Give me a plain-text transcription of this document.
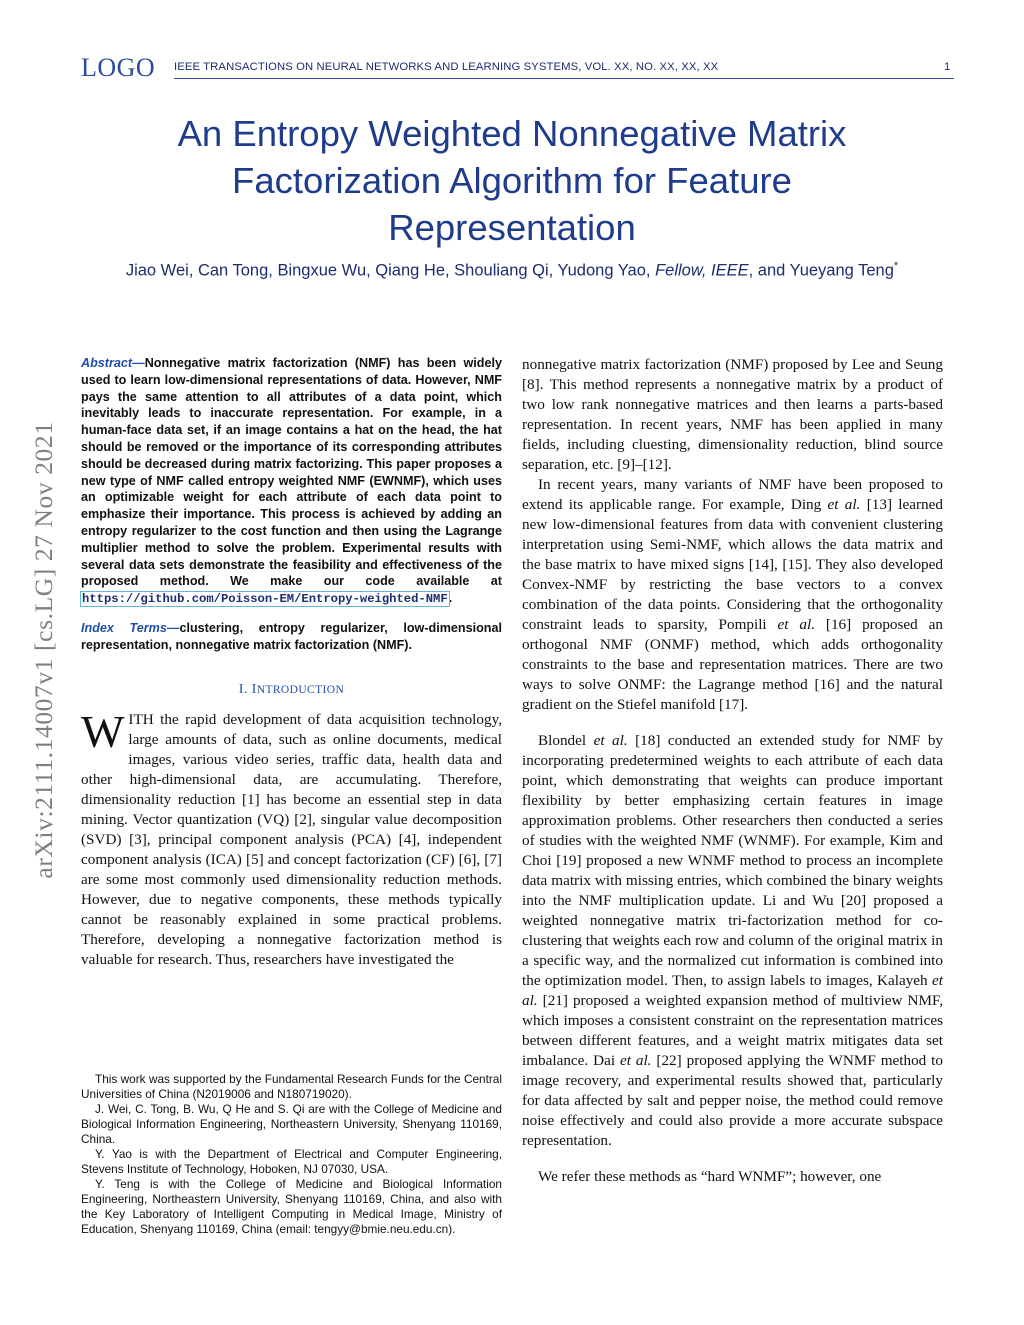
LOGO IEEE TRANSACTIONS ON NEURAL NETWORKS AND LEARNING SYSTEMS, VOL. XX, NO. XX, XX, XX	1
An Entropy Weighted Nonnegative Matrix
Factorization Algorithm for Feature
Representation
Jiao Wei, Can Tong, Bingxue Wu, Qiang He, Shouliang Qi, Yudong Yao, Fellow, IEEE, and Yueyang Teng*
arXiv:2111.14007v1 [cs.LG] 27 Nov 2021
Abstract—Nonnegative matrix factorization (NMF) has been widely used to learn low-dimensional representations of data. However, NMF pays the same attention to all attributes of a data point, which inevitably leads to inaccurate representation. For example, in a human-face data set, if an image contains a hat on the head, the hat should be removed or the importance of its corresponding attributes should be decreased during matrix factorizing. This paper proposes a new type of NMF called entropy weighted NMF (EWNMF), which uses an optimizable weight for each attribute of each data point to emphasize their importance. This process is achieved by adding an entropy regularizer to the cost function and then using the Lagrange multiplier method to solve the problem. Experimental results with several data sets demonstrate the feasibility and effectiveness of the proposed method. We make our code available at https://github.com/Poisson-EM/Entropy-weighted-NMF.
Index Terms—clustering, entropy regularizer, low-dimensional representation, nonnegative matrix factorization (NMF).
I. INTRODUCTION
W ITH the rapid development of data acquisition technology, large amounts of data, such as online documents, medical images, various video series, traffic data, health data and other high-dimensional data, are accumulating. Therefore, dimensionality reduction [1] has become an essential step in data mining. Vector quantization (VQ) [2], singular value decomposition (SVD) [3], principal component analysis (PCA) [4], independent component analysis (ICA) [5] and concept factorization (CF) [6], [7] are some most commonly used dimensionality reduction methods. However, due to negative components, these methods typically cannot be reasonably explained in some practical problems. Therefore, developing a nonnegative factorization method is valuable for research. Thus, researchers have investigated the

This work was supported by the Fundamental Research Funds for the Central Universities of China (N2019006 and N180719020).

J. Wei, C. Tong, B. Wu, Q He and S. Qi are with the College of Medicine and Biological Information Engineering, Northeastern University, Shenyang 110169, China.

Y. Yao is with the Department of Electrical and Computer Engineering, Stevens Institute of Technology, Hoboken, NJ 07030, USA.

Y. Teng is with the College of Medicine and Biological Information Engineering, Northeastern University, Shenyang 110169, China, and also with the Key Laboratory of Intelligent Computing in Medical Image, Ministry of Education, Shenyang 110169, China (email: tengyy@bmie.neu.edu.cn).

nonnegative matrix factorization (NMF) proposed by Lee and Seung [8]. This method represents a nonnegative matrix by a product of two low rank nonnegative matrices and then learns a parts-based representation. In recent years, NMF has been applied in many fields, including cluesting, dimensionality reduction, blind source separation, etc. [9]–[12].

In recent years, many variants of NMF have been proposed to extend its applicable range. For example, Ding et al. [13] learned new low-dimensional features from data with convenient clustering interpretation using Semi-NMF, which allows the data matrix and the base matrix to have mixed signs [14], [15]. They also developed Convex-NMF by restricting the base vectors to a convex combination of the data points. Considering that the orthogonality constraint leads to sparsity, Pompili et al. [16] proposed an orthogonal NMF (ONMF) method, which adds orthogonality constraints to the base and representation matrices. There are two ways to solve ONMF: the Lagrange method [16] and the natural gradient on the Stiefel manifold [17].

Blondel et al. [18] conducted an extended study for NMF by incorporating predetermined weights to each attribute of each data point, which demonstrating that weights can produce important flexibility by better emphasizing certain features in image approximation problems. Other researchers then conducted a series of studies with the weighted NMF (WNMF). For example, Kim and Choi [19] proposed a new WNMF method to process an incomplete data matrix with missing entries, which combined the binary weights into the NMF multiplication update. Li and Wu [20] proposed a weighted nonnegative matrix tri-factorization method for co-clustering that weights each row and column of the original matrix in a specific way, and the normalized cut information is combined into the optimization model. Then, to assign labels to images, Kalayeh et al. [21] proposed a weighted expansion method of multiview NMF, which imposes a consistent constraint on the representation matrices between different features, and a weight matrix mitigates data set imbalance. Dai et al. [22] proposed applying the WNMF method to image recovery, and experimental results showed that, particularly for data affected by salt and pepper noise, the method could remove noise effectively and could also provide a more accurate subspace representation.

We refer these methods as “hard WNMF”; however, one
